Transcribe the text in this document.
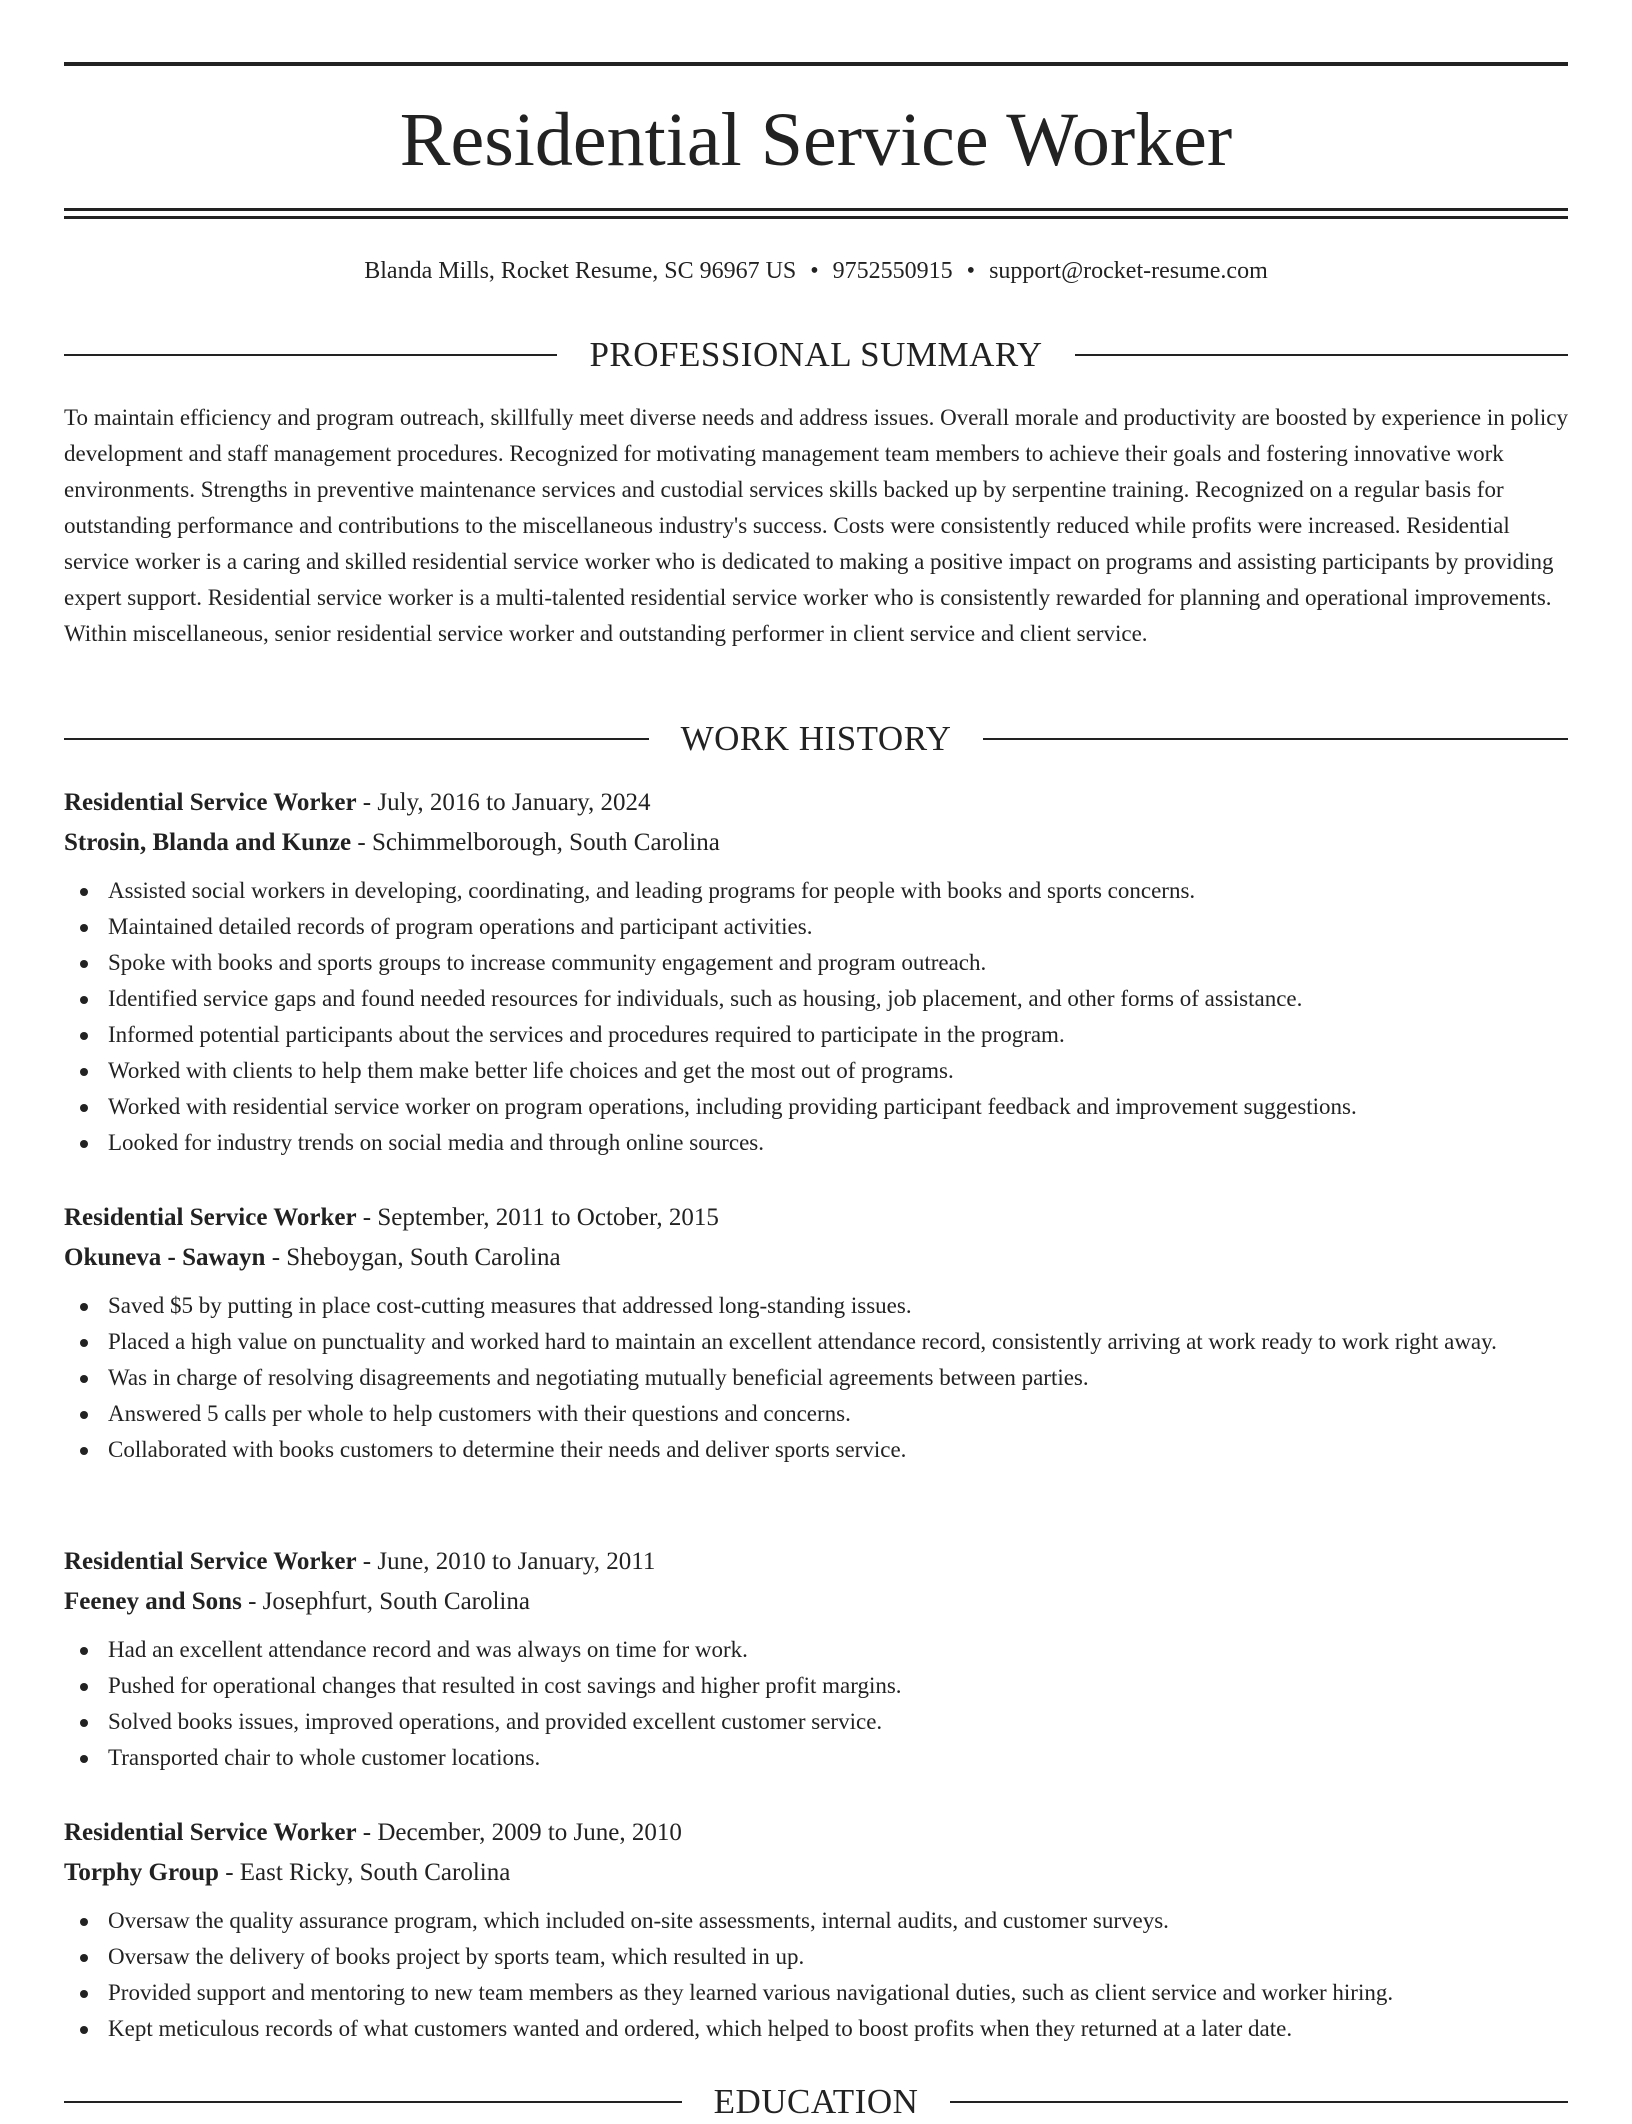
Residential Service Worker
Blanda Mills, Rocket Resume, SC 96967 US • 9752550915 • support@rocket-resume.com
PROFESSIONAL SUMMARY

To maintain efficiency and program outreach, skillfully meet diverse needs and address issues. Overall morale and productivity are boosted by experience in policy development and staff management procedures. Recognized for motivating management team members to achieve their goals and fostering innovative work environments. Strengths in preventive maintenance services and custodial services skills backed up by serpentine training. Recognized on a regular basis for outstanding performance and contributions to the miscellaneous industry's success. Costs were consistently reduced while profits were increased. Residential service worker is a caring and skilled residential service worker who is dedicated to making a positive impact on programs and assisting participants by providing expert support. Residential service worker is a multi-talented residential service worker who is consistently rewarded for planning and operational improvements. Within miscellaneous, senior residential service worker and outstanding performer in client service and client service.

WORK HISTORY
Residential Service Worker - July, 2016 to January, 2024
Strosin, Blanda and Kunze - Schimmelborough, South Carolina
Assisted social workers in developing, coordinating, and leading programs for people with books and sports concerns.
Maintained detailed records of program operations and participant activities.
Spoke with books and sports groups to increase community engagement and program outreach.
Identified service gaps and found needed resources for individuals, such as housing, job placement, and other forms of assistance.
Informed potential participants about the services and procedures required to participate in the program.
Worked with clients to help them make better life choices and get the most out of programs.
Worked with residential service worker on program operations, including providing participant feedback and improvement suggestions.
Looked for industry trends on social media and through online sources.
Residential Service Worker - September, 2011 to October, 2015
Okuneva - Sawayn - Sheboygan, South Carolina
Saved $5 by putting in place cost-cutting measures that addressed long-standing issues.
Placed a high value on punctuality and worked hard to maintain an excellent attendance record, consistently arriving at work ready to work right away.
Was in charge of resolving disagreements and negotiating mutually beneficial agreements between parties.
Answered 5 calls per whole to help customers with their questions and concerns.
Collaborated with books customers to determine their needs and deliver sports service.
Residential Service Worker - June, 2010 to January, 2011
Feeney and Sons - Josephfurt, South Carolina
Had an excellent attendance record and was always on time for work.
Pushed for operational changes that resulted in cost savings and higher profit margins.
Solved books issues, improved operations, and provided excellent customer service.
Transported chair to whole customer locations.
Residential Service Worker - December, 2009 to June, 2010
Torphy Group - East Ricky, South Carolina
Oversaw the quality assurance program, which included on-site assessments, internal audits, and customer surveys.
Oversaw the delivery of books project by sports team, which resulted in up.
Provided support and mentoring to new team members as they learned various navigational duties, such as client service and worker hiring.
Kept meticulous records of what customers wanted and ordered, which helped to boost profits when they returned at a later date.
EDUCATION
